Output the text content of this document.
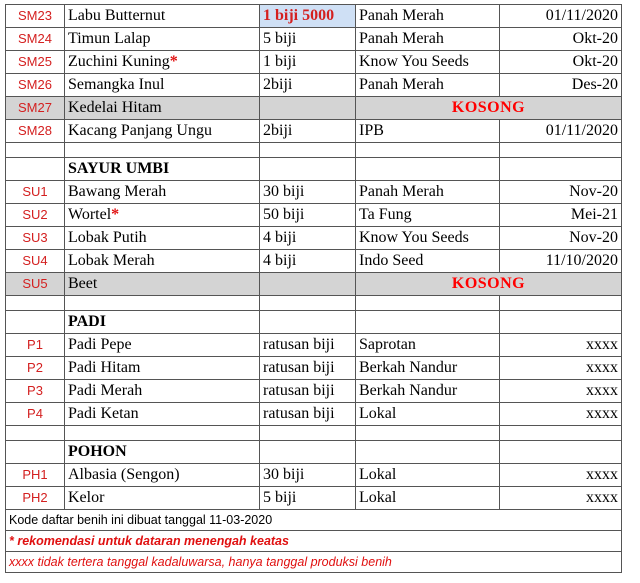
SM23	Labu Butternut	1 biji 5000	Panah Merah	01/11/2020
SM24	Timun Lalap	5 biji	Panah Merah	Okt-20
SM25	Zuchini Kuning*	1 biji	Know You Seeds	Okt-20
SM26	Semangka Inul	2biji	Panah Merah	Des-20
SM27	Kedelai Hitam		KOSONG	
SM28	Kacang Panjang Ungu	2biji	IPB	01/11/2020

	SAYUR UMBI			
SU1	Bawang Merah	30 biji	Panah Merah	Nov-20
SU2	Wortel*	50 biji	Ta Fung	Mei-21
SU3	Lobak Putih	4 biji	Know You Seeds	Nov-20
SU4	Lobak Merah	4 biji	Indo Seed	11/10/2020
SU5	Beet		KOSONG	

	PADI			
P1	Padi Pepe	ratusan biji	Saprotan	xxxx
P2	Padi Hitam	ratusan biji	Berkah Nandur	xxxx
P3	Padi Merah	ratusan biji	Berkah Nandur	xxxx
P4	Padi Ketan	ratusan biji	Lokal	xxxx

	POHON			
PH1	Albasia (Sengon)	30 biji	Lokal	xxxx
PH2	Kelor	5 biji	Lokal	xxxx
Kode daftar benih ini dibuat tanggal 11-03-2020				
* rekomendasi untuk dataran menengah keatas				
xxxx tidak tertera tanggal kadaluwarsa, hanya tanggal produksi benih				
